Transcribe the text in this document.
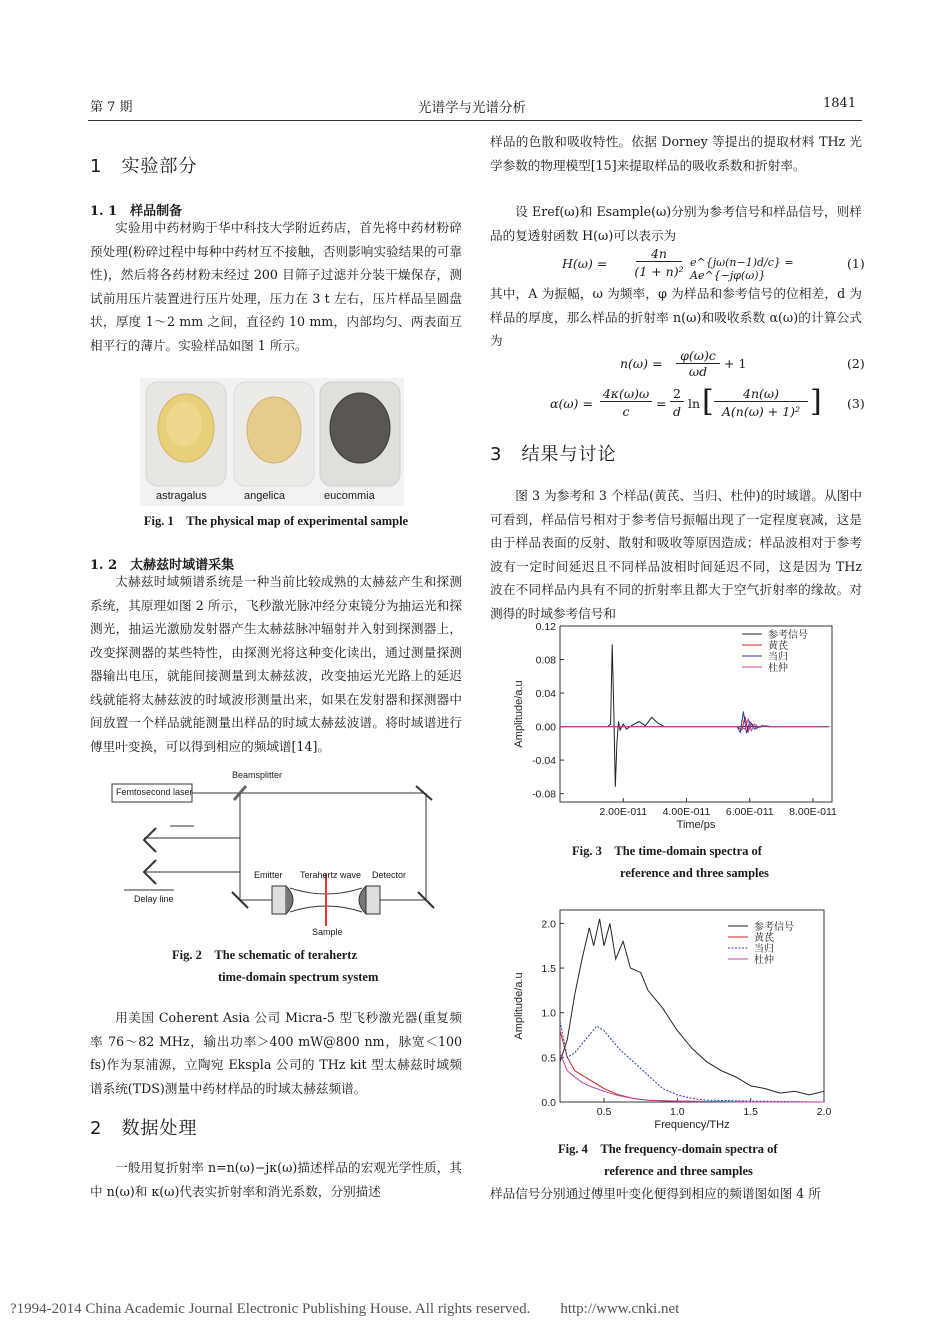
第 7 期	光谱学与光谱分析	1841
1　实验部分
1. 1　样品制备

实验用中药材购于华中科技大学附近药店，首先将中药材粉碎预处理(粉碎过程中每种中药材互不接触，否则影响实验结果的可靠性)，然后将各药材粉末经过 200 目筛子过滤并分装干燥保存，测试前用压片装置进行压片处理，压力在 3 t 左右，压片样品呈圆盘状，厚度 1～2 mm 之间，直径约 10 mm，内部均匀、两表面互相平行的薄片。实验样品如图 1 所示。

astragalus	angelica	eucommia
Fig. 1　The physical map of experimental sample
1. 2　太赫兹时域谱采集

太赫兹时域频谱系统是一种当前比较成熟的太赫兹产生和探测系统，其原理如图 2 所示，飞秒激光脉冲经分束镜分为抽运光和探测光，抽运光激励发射器产生太赫兹脉冲辐射并入射到探测器上，改变探测器的某些特性，由探测光将这种变化读出，通过测量探测器输出电压，就能间接测量到太赫兹波，改变抽运光光路上的延迟线就能将太赫兹波的时域波形测量出来，如果在发射器和探测器中间放置一个样品就能测量出样品的时域太赫兹波谱。将时域谱进行傅里叶变换，可以得到相应的频域谱[14]。

Femtosecond laser
Beamsplitter
Delay line
Emitter Terahertz wave Detector
Sample
Fig. 2　The schematic of terahertz
time-domain spectrum system

用美国 Coherent Asia 公司 Micra-5 型飞秒激光器(重复频率 76～82 MHz，输出功率＞400 mW@800 nm，脉宽＜100 fs)作为泵浦源，立陶宛 Ekspla 公司的 THz kit 型太赫兹时域频谱系统(TDS)测量中药材样品的时域太赫兹频谱。

2　数据处理

一般用复折射率 n=n(ω)−jκ(ω)描述样品的宏观光学性质，其中 n(ω)和 κ(ω)代表实折射率和消光系数，分别描述

样品的色散和吸收特性。依据 Dorney 等提出的提取材料 THz 光学参数的物理模型[15]来提取样品的吸收系数和折射率。

设 Eref(ω)和 Esample(ω)分别为参考信号和样品信号，则样品的复透射函数 H(ω)可以表示为

H(ω) =
4n
(1 + n)²
e^{jω(n−1)d/c} = Ae^{−jφ(ω)}
(1)

其中，A 为振幅，ω 为频率，φ 为样品和参考信号的位相差，d 为样品的厚度，那么样品的折射率 n(ω)和吸收系数 α(ω)的计算公式为

n(ω) =
φ(ω)c
ωd
+ 1	(2)
α(ω) =
4κ(ω)ω
c
=
2
d
ln [	4n(ω)
A(n(ω) + 1)² ] (3)
3　结果与讨论

图 3 为参考和 3 个样品(黄芪、当归、杜仲)的时域谱。从图中可看到，样品信号相对于参考信号振幅出现了一定程度衰减，这是由于样品表面的反射、散射和吸收等原因造成；样品波相对于参考波有一定时间延迟且不同样品波相时间延迟不同，这是因为 THz 波在不同样品内具有不同的折射率且都大于空气折射率的缘故。对测得的时域参考信号和

0.12
0.08
0.04
0.00
-0.04
-0.08
2.00E-011 4.00E-011 6.00E-011 8.00E-011
Time/ps
Amplitude/a.u
参考信号
黄芪
当归
杜仲
Fig. 3　The time-domain spectra of
reference and three samples
0.0
0.5
1.0
1.5
2.0
0.5	1.0	1.5	2.0
Frequency/THz
Amplitude/a.u
参考信号
黄芪
当归
杜仲
Fig. 4　The frequency-domain spectra of
reference and three samples

样品信号分别通过傅里叶变化便得到相应的频谱图如图 4 所

?1994-2014 China Academic Journal Electronic Publishing House. All rights reserved.　　http://www.cnki.net
